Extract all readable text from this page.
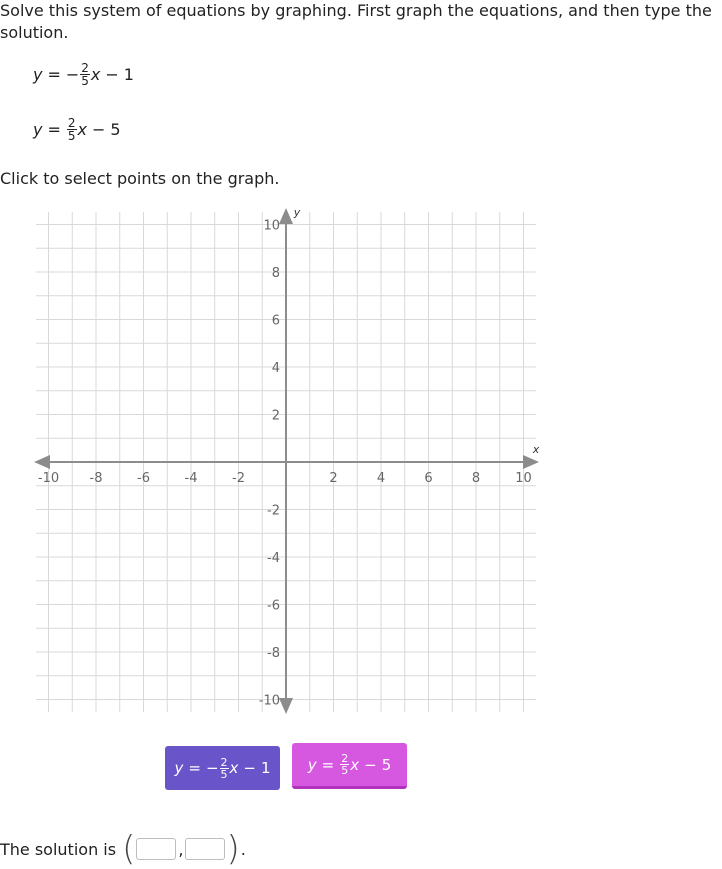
Solve this system of equations by graphing. First graph the equations, and then type the solution.
y = − $\frac{2}{5}$ x − 1
$y = \frac{2}{5}$ x − 5
Click to select points on the graph.
x
y
-10 -8	-6	-4	-2	2	4	6	8	10
10
8
6
4
2
-2
-4
-6
-8
-10
y = − $\frac{2}{5}$ x − 1 $y = \frac{2}{5}$ x − 5
The solution is (	, ) .
